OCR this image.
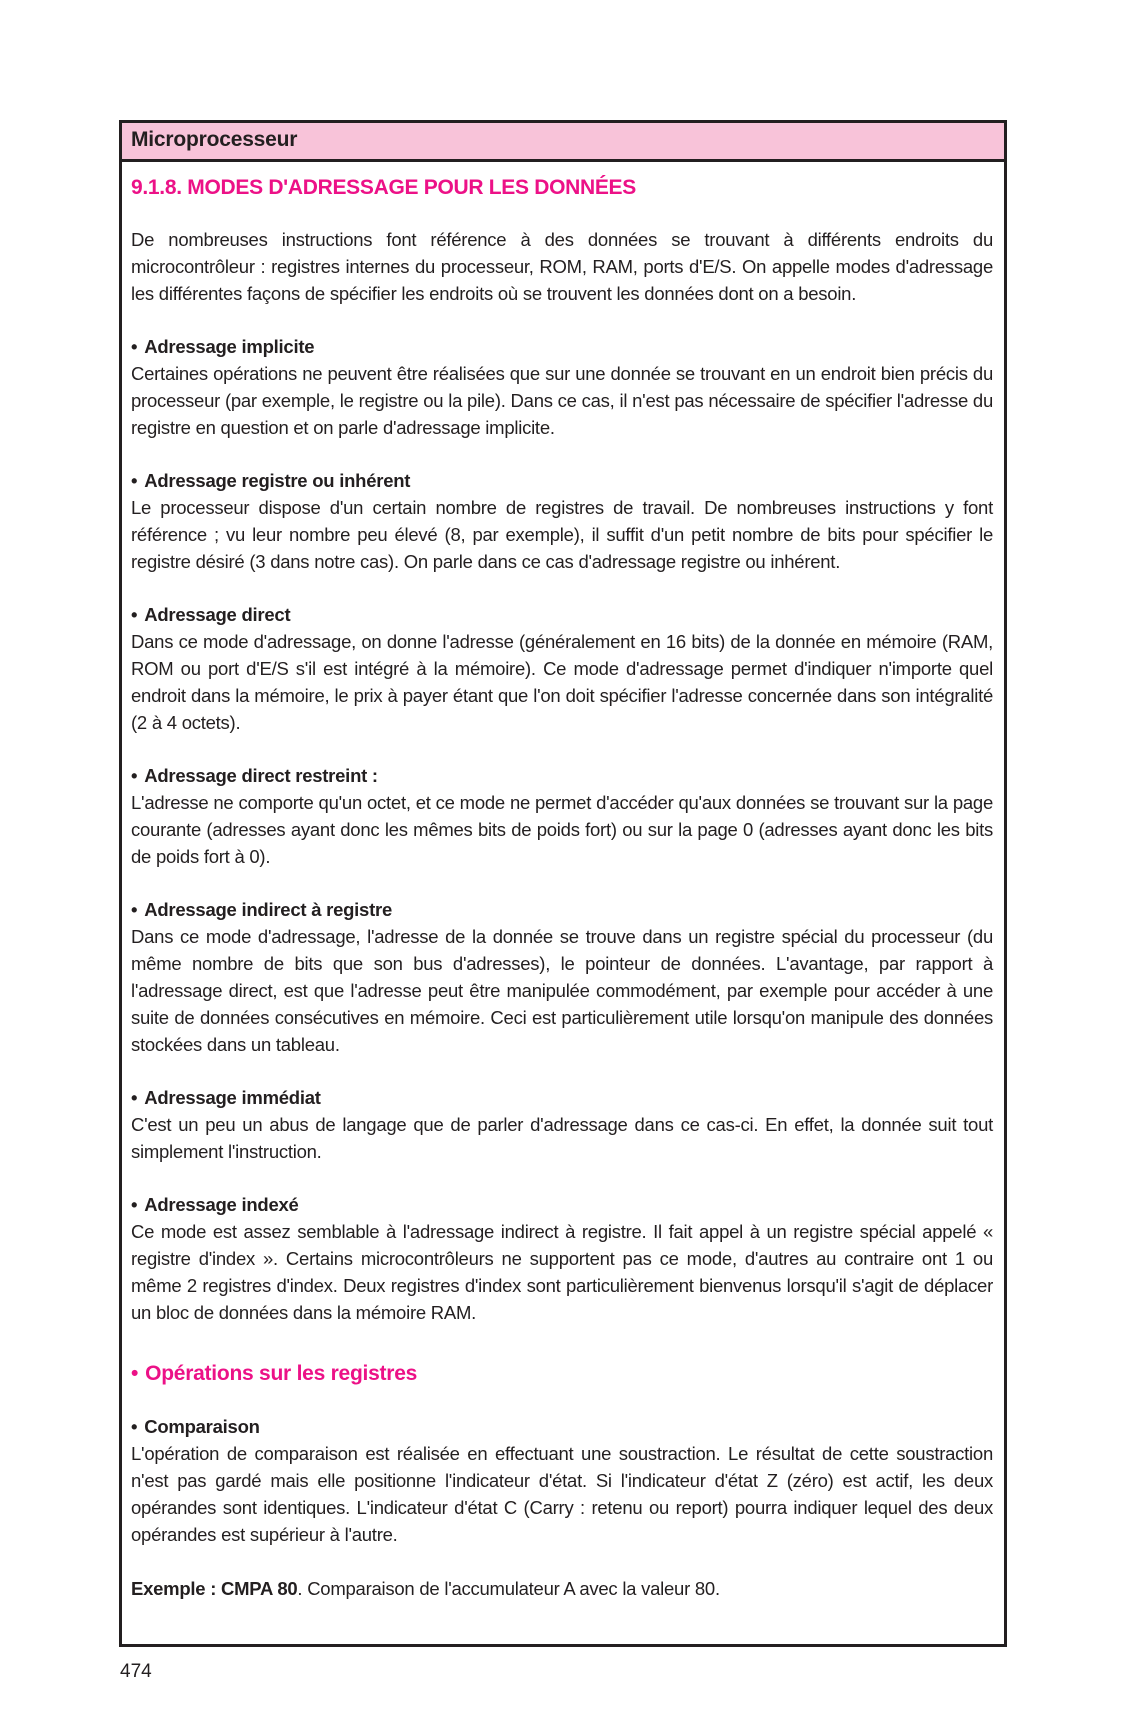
Microprocesseur
9.1.8. MODES D'ADRESSAGE POUR LES DONNÉES

De nombreuses instructions font référence à des données se trouvant à différents endroits du microcontrôleur : registres internes du processeur, ROM, RAM, ports d'E/S. On appelle modes d'adressage les différentes façons de spécifier les endroits où se trouvent les données dont on a besoin.

• Adressage implicite

Certaines opérations ne peuvent être réalisées que sur une donnée se trouvant en un endroit bien précis du processeur (par exemple, le registre ou la pile). Dans ce cas, il n'est pas nécessaire de spécifier l'adresse du registre en question et on parle d'adressage implicite.

• Adressage registre ou inhérent

Le processeur dispose d'un certain nombre de registres de travail. De nombreuses instructions y font référence ; vu leur nombre peu élevé (8, par exemple), il suffit d'un petit nombre de bits pour spécifier le registre désiré (3 dans notre cas). On parle dans ce cas d'adressage registre ou inhérent.

• Adressage direct

Dans ce mode d'adressage, on donne l'adresse (généralement en 16 bits) de la donnée en mémoire (RAM, ROM ou port d'E/S s'il est intégré à la mémoire). Ce mode d'adressage permet d'indiquer n'importe quel endroit dans la mémoire, le prix à payer étant que l'on doit spécifier l'adresse concernée dans son intégralité (2 à 4 octets).

• Adressage direct restreint :

L'adresse ne comporte qu'un octet, et ce mode ne permet d'accéder qu'aux données se trouvant sur la page courante (adresses ayant donc les mêmes bits de poids fort) ou sur la page 0 (adresses ayant donc les bits de poids fort à 0).

• Adressage indirect à registre

Dans ce mode d'adressage, l'adresse de la donnée se trouve dans un registre spécial du processeur (du même nombre de bits que son bus d'adresses), le pointeur de données. L'avantage, par rapport à l'adressage direct, est que l'adresse peut être manipulée commodément, par exemple pour accéder à une suite de données consécutives en mémoire. Ceci est particulièrement utile lorsqu'on manipule des données stockées dans un tableau.

• Adressage immédiat

C'est un peu un abus de langage que de parler d'adressage dans ce cas-ci. En effet, la donnée suit tout simplement l'instruction.

• Adressage indexé

Ce mode est assez semblable à l'adressage indirect à registre. Il fait appel à un registre spécial appelé « registre d'index ». Certains microcontrôleurs ne supportent pas ce mode, d'autres au contraire ont 1 ou même 2 registres d'index. Deux registres d'index sont particulièrement bienvenus lorsqu'il s'agit de déplacer un bloc de données dans la mémoire RAM.

• Opérations sur les registres
• Comparaison

L'opération de comparaison est réalisée en effectuant une soustraction. Le résultat de cette soustraction n'est pas gardé mais elle positionne l'indicateur d'état. Si l'indicateur d'état Z (zéro) est actif, les deux opérandes sont identiques. L'indicateur d'état C (Carry : retenu ou report) pourra indiquer lequel des deux opérandes est supérieur à l'autre.

Exemple : CMPA 80. Comparaison de l'accumulateur A avec la valeur 80.

474
